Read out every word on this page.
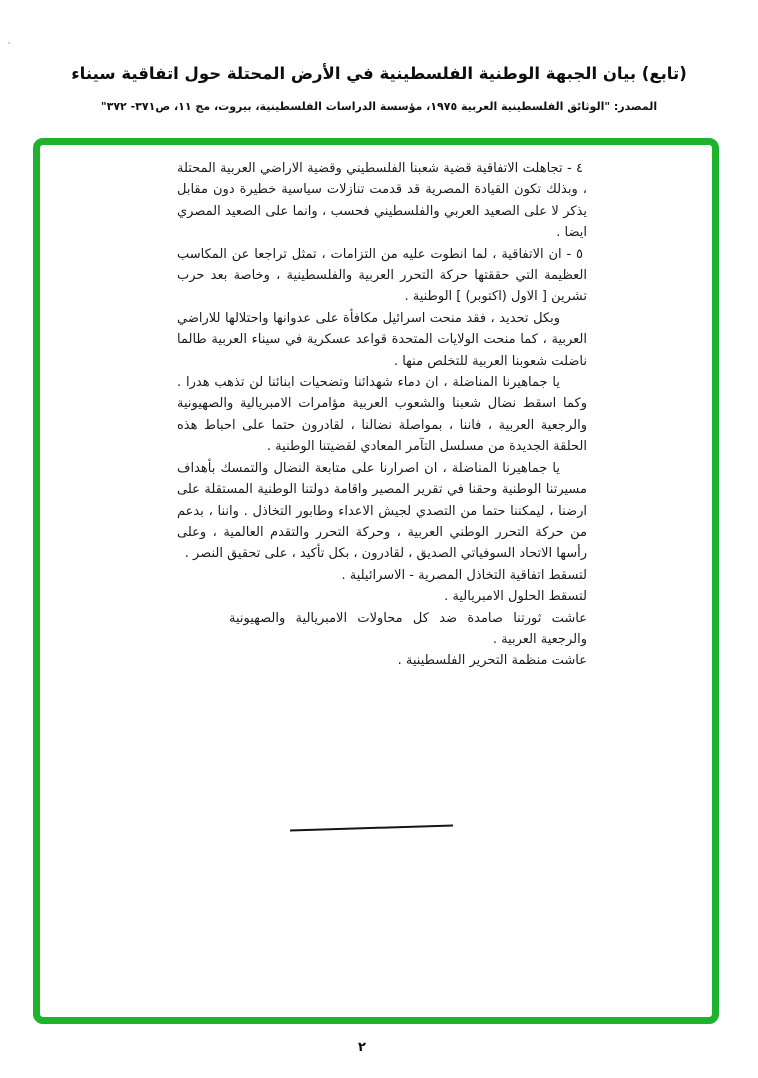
(تابع) بيان الجبهة الوطنية الفلسطينية في الأرض المحتلة حول اتفاقية سيناء
المصدر: "الوثائق الفلسطينية العربية ١٩٧٥، مؤسسة الدراسات الفلسطينية، بيروت، مج ١١، ص٣٧١- ٣٧٢"

٤ - تجاهلت الاتفاقية قضية شعبنا الفلسطيني وقضية الاراضي العربية المحتلة ، وبذلك تكون القيادة المصرية قد قدمت تنازلات سياسية خطيرة دون مقابل يذكر لا على الصعيد العربي والفلسطيني فحسب ، وانما على الصعيد المصري ايضا .

٥ - ان الاتفاقية ، لما انطوت عليه من التزامات ، تمثل تراجعا عن المكاسب العظيمة التي حققتها حركة التحرر العربية والفلسطينية ، وخاصة بعد حرب تشرين [ الاول (اكتوبر) ] الوطنية .

وبكل تحديد ، فقد منحت اسرائيل مكافأة على عدوانها واحتلالها للاراضي العربية ، كما منحت الولايات المتحدة قواعد عسكرية في سيناء العربية طالما ناضلت شعوبنا العربية للتخلص منها .

يا جماهيرنا المناضلة ، ان دماء شهدائنا وتضحيات ابنائنا لن تذهب هدرا . وكما اسقط نضال شعبنا والشعوب العربية مؤامرات الامبريالية والصهيونية والرجعية العربية ، فاننا ، بمواصلة نضالنا ، لقادرون حتما على احباط هذه الحلقة الجديدة من مسلسل التآمر المعادي لقضيتنا الوطنية .

يا جماهيرنا المناضلة ، ان اصرارنا على متابعة النضال والتمسك بأهداف مسيرتنا الوطنية وحقنا في تقرير المصير واقامة دولتنا الوطنية المستقلة على ارضنا ، ليمكننا حتما من التصدي لجيش الاعداء وطابور التخاذل . واننا ، بدعم من حركة التحرر الوطني العربية ، وحركة التحرر والتقدم العالمية ، وعلى رأسها الاتحاد السوفياتي الصديق ، لقادرون ، بكل تأكيد ، على تحقيق النصر .

لتسقط اتفاقية التخاذل المصرية - الاسرائيلية .

لتسقط الحلول الامبريالية .

عاشت ثورتنا صامدة ضد كل محاولات الامبريالية والصهيونية والرجعية العربية .

عاشت منظمة التحرير الفلسطينية .

٢
